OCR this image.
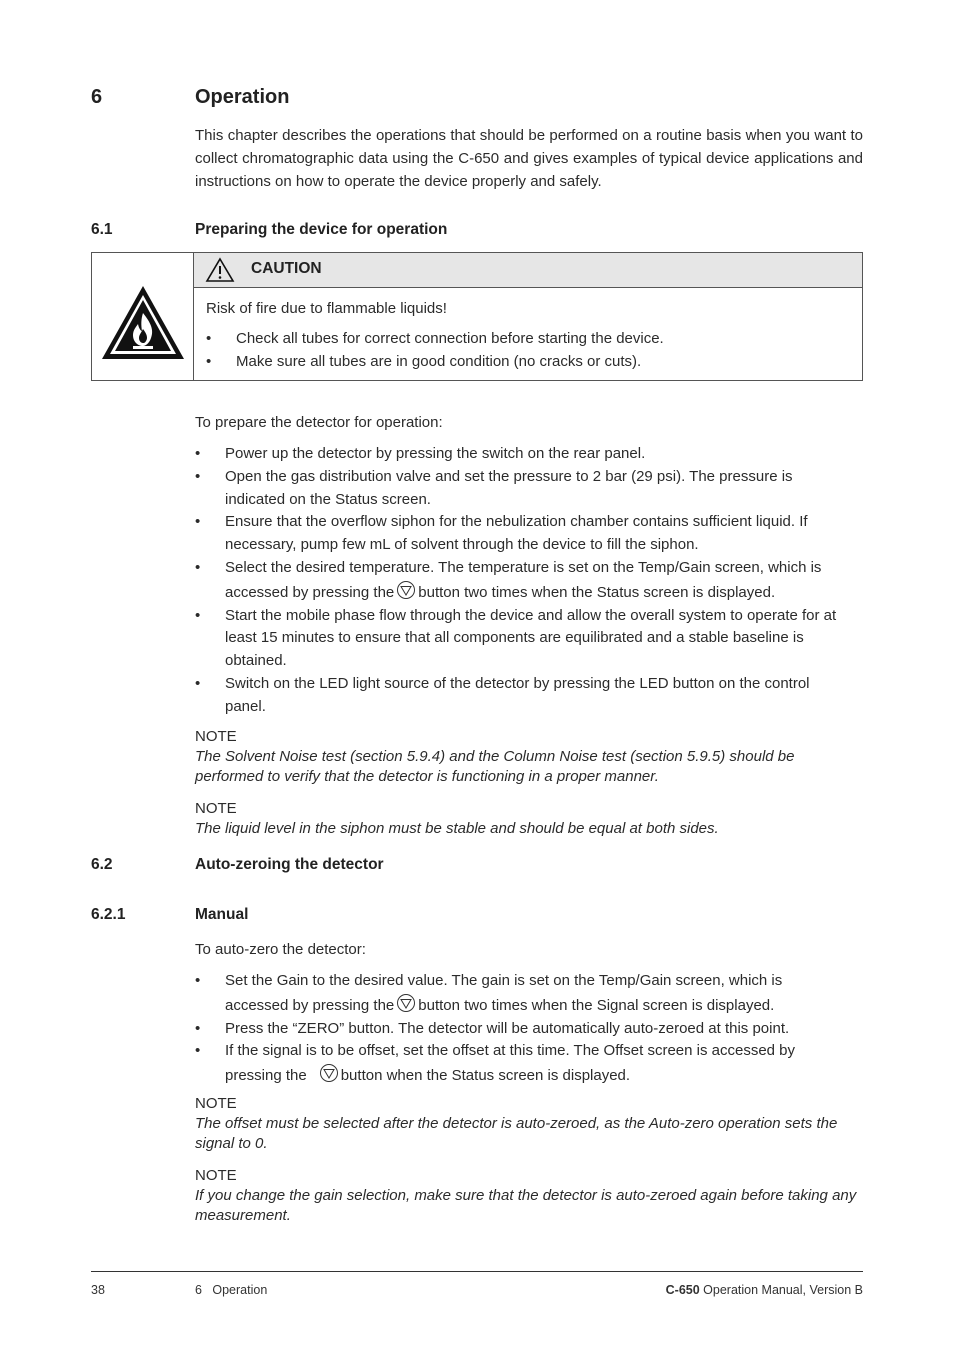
6	Operation
This chapter describes the operations that should be performed on a routine basis when you want to collect chromatographic data using the C-650 and gives examples of typical device applications and instructions on how to operate the device properly and safely.
6.1	Preparing the device for operation
CAUTION
Risk of fire due to flammable liquids!
• Check all tubes for correct connection before starting the device.
• Make sure all tubes are in good condition (no cracks or cuts).
To prepare the detector for operation:
• Power up the detector by pressing the switch on the rear panel.
• Open the gas distribution valve and set the pressure to 2 bar (29 psi). The pressure is indicated on the Status screen.
• Ensure that the overflow siphon for the nebulization chamber contains sufficient liquid. If necessary, pump few mL of solvent through the device to fill the siphon.
• Select the desired temperature. The temperature is set on the Temp/Gain screen, which is accessed by pressing the button two times when the Status screen is displayed.
• Start the mobile phase flow through the device and allow the overall system to operate for at least 15 minutes to ensure that all components are equilibrated and a stable baseline is obtained.
• Switch on the LED light source of the detector by pressing the LED button on the control panel.
NOTE
The Solvent Noise test (section 5.9.4) and the Column Noise test (section 5.9.5) should be performed to verify that the detector is functioning in a proper manner.
NOTE
The liquid level in the siphon must be stable and should be equal at both sides.
6.2	Auto-zeroing the detector
6.2.1	Manual
To auto-zero the detector:
• Set the Gain to the desired value. The gain is set on the Temp/Gain screen, which is accessed by pressing the button two times when the Signal screen is displayed.
• Press the “ZERO” button. The detector will be automatically auto-zeroed at this point.
• If the signal is to be offset, set the offset at this time. The Offset screen is accessed by pressing the button when the Status screen is displayed.
NOTE
The offset must be selected after the detector is auto-zeroed, as the Auto-zero operation sets the signal to 0.
NOTE
If you change the gain selection, make sure that the detector is auto-zeroed again before taking any measurement.
38	6   Operation	C-650 Operation Manual, Version B
